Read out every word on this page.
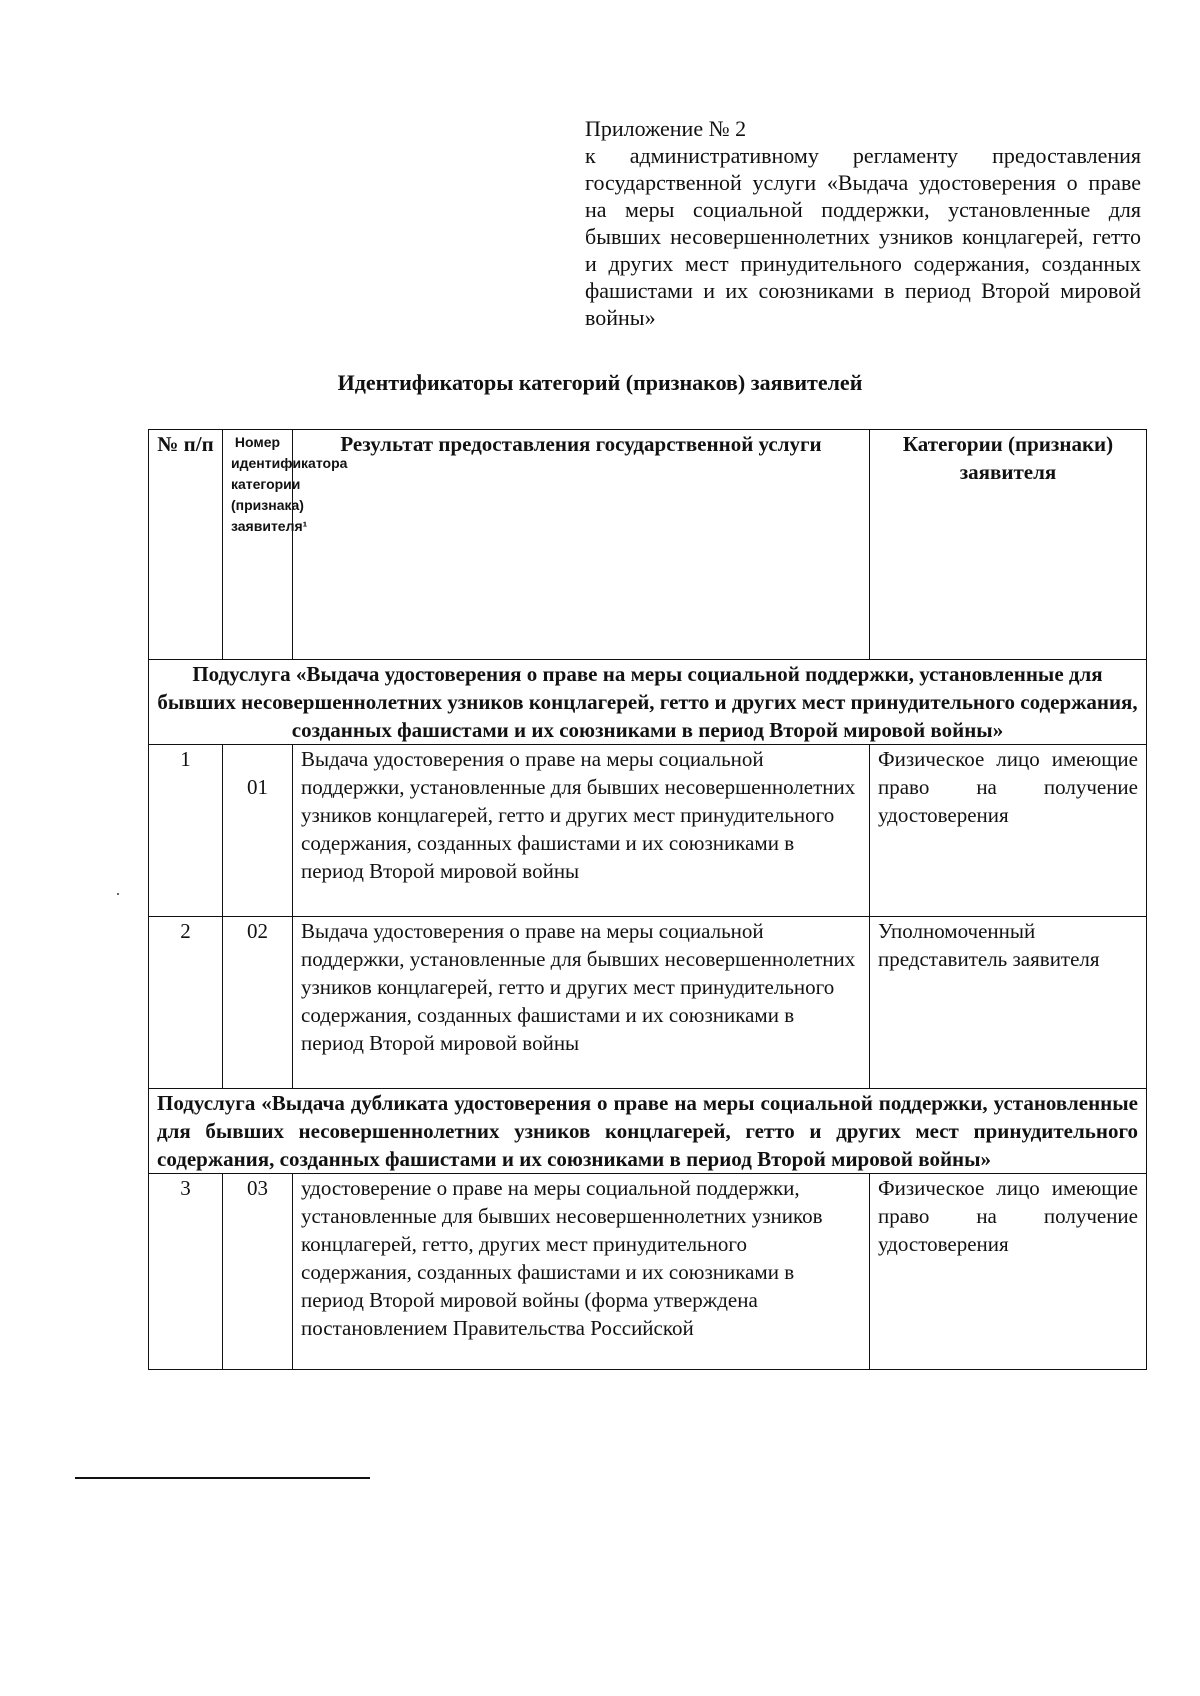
Приложение № 2
к административному регламенту предоставления государственной услуги «Выдача удостоверения о праве на меры социальной поддержки, установленные для бывших несовершеннолетних узников концлагерей, гетто и других мест принудительного содержания, созданных фашистами и их союзниками в период Второй мировой войны»
Идентификаторы категорий (признаков) заявителей
№ п/п	Номер идентификатора категории (признака) заявителя¹	Результат предоставления государственной услуги	Категории (признаки) заявителя
Подуслуга «Выдача удостоверения о праве на меры социальной поддержки, установленные для бывших несовершеннолетних узников концлагерей, гетто и других мест принудительного содержания, созданных фашистами и их союзниками в период Второй мировой войны»			
1	01	Выдача удостоверения о праве на меры социальной поддержки, установленные для бывших несовершеннолетних узников концлагерей, гетто и других мест принудительного содержания, созданных фашистами и их союзниками в период Второй мировой войны	Физическое лицо имеющие право на получение удостоверения
2	02	Выдача удостоверения о праве на меры социальной поддержки, установленные для бывших несовершеннолетних узников концлагерей, гетто и других мест принудительного содержания, созданных фашистами и их союзниками в период Второй мировой войны	Уполномоченный представитель заявителя
Подуслуга «Выдача дубликата удостоверения о праве на меры социальной поддержки, установленные для бывших несовершеннолетних узников концлагерей, гетто и других мест принудительного содержания, созданных фашистами и их союзниками в период Второй мировой войны»			
3	03	удостоверение о праве на меры социальной поддержки, установленные для бывших несовершеннолетних узников концлагерей, гетто, других мест принудительного содержания, созданных фашистами и их союзниками в период Второй мировой войны (форма утверждена постановлением Правительства Российской	Физическое лицо имеющие право на получение удостоверения
